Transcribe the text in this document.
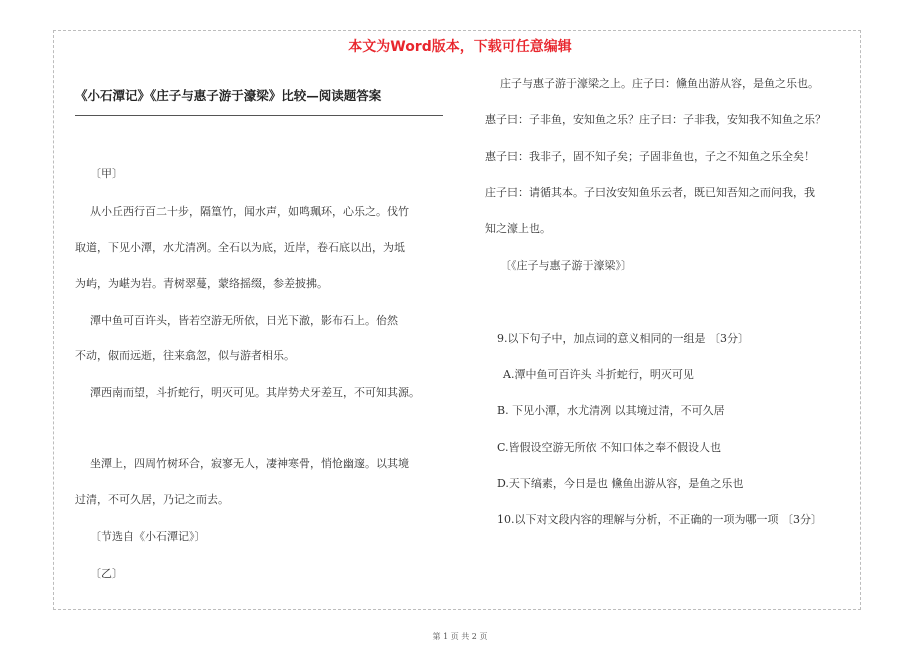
本文为Word版本，下载可任意编辑
《小石潭记》《庄子与惠子游于濠梁》比较—阅读题答案
〔甲〕
从小丘西行百二十步，隔篁竹，闻水声，如鸣珮环，心乐之。伐竹
取道，下见小潭，水尤清冽。全石以为底，近岸，卷石底以出，为坻
为屿，为嵁为岩。青树翠蔓，蒙络摇缀，参差披拂。
潭中鱼可百许头，皆若空游无所依，日光下澈，影布石上。佁然
不动，俶而远逝，往来翕忽，似与游者相乐。
潭西南而望，斗折蛇行，明灭可见。其岸势犬牙差互，不可知其源。
坐潭上，四周竹树环合，寂寥无人，凄神寒骨，悄怆幽邃。以其境
过清，不可久居，乃记之而去。
〔节选自《小石潭记》〕
〔乙〕
庄子与惠子游于濠梁之上。庄子曰：儵鱼出游从容，是鱼之乐也。
惠子曰：子非鱼，安知鱼之乐？庄子曰：子非我，安知我不知鱼之乐？
惠子曰：我非子，固不知子矣；子固非鱼也，子之不知鱼之乐全矣！
庄子曰：请循其本。子曰汝安知鱼乐云者，既已知吾知之而问我，我
知之濠上也。
〔《庄子与惠子游于濠梁》〕
9.以下句子中，加点词的意义相同的一组是 〔3分〕
A.潭中鱼可百许头 斗折蛇行，明灭可见
B. 下见小潭，水尤清冽 以其境过清，不可久居
C.皆假设空游无所依 不知口体之奉不假设人也
D.天下缟素，今日是也 儵鱼出游从容，是鱼之乐也
10.以下对文段内容的理解与分析，不正确的一项为哪一项 〔3分〕
第 1 页 共 2 页
